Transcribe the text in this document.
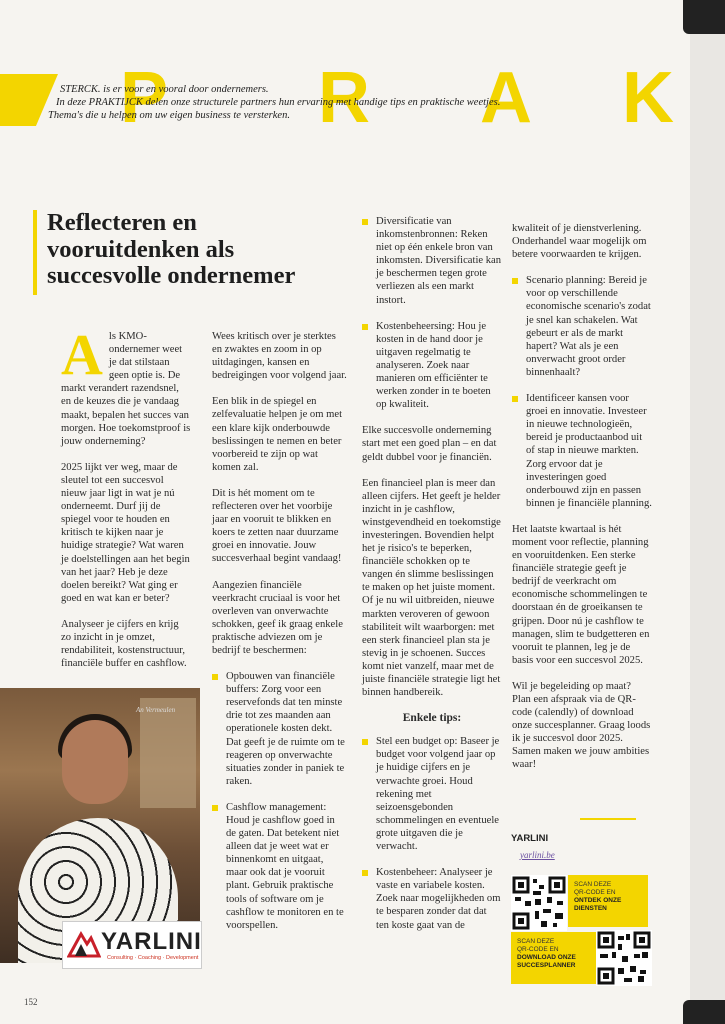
P R A K
STERCK. is er voor en vooral door ondernemers.
In deze PRAKTIJCK delen onze structurele partners hun ervaring met handige tips en praktische weetjes.
Thema's die u helpen om uw eigen business te versterken.
Reflecteren en
vooruitdenken als
succesvolle ondernemer

Als KMO-ondernemer weet je dat stilstaan geen optie is. De markt verandert razendsnel, en de keuzes die je vandaag maakt, bepalen het succes van morgen. Hoe toekomstproof is jouw onderneming?

2025 lijkt ver weg, maar de sleutel tot een succesvol nieuw jaar ligt in wat je nú onderneemt. Durf jij de spiegel voor te houden en kritisch te kijken naar je huidige strategie? Wat waren je doelstellingen aan het begin van het jaar? Heb je deze doelen bereikt? Wat ging er goed en wat kan er beter?

Analyseer je cijfers en krijg zo inzicht in je omzet, rendabiliteit, kostenstructuur, financiële buffer en cashflow.

An Vermeulen
YARLINI
Consulting · Coaching · Development

Wees kritisch over je sterktes en zwaktes en zoom in op uitdagingen, kansen en bedreigingen voor volgend jaar.

Een blik in de spiegel en zelfevaluatie helpen je om met een klare kijk onderbouwde beslissingen te nemen en beter voorbereid te zijn op wat komen zal.

Dit is hét moment om te reflecteren over het voorbije jaar en vooruit te blikken en koers te zetten naar duurzame groei en innovatie. Jouw succesverhaal begint vandaag!

Aangezien financiële veerkracht cruciaal is voor het overleven van onverwachte schokken, geef ik graag enkele praktische adviezen om je bedrijf te beschermen:

Opbouwen van financiële buffers: Zorg voor een reservefonds dat ten minste drie tot zes maanden aan operationele kosten dekt. Dat geeft je de ruimte om te reageren op onverwachte situaties zonder in paniek te raken.
Cashflow management: Houd je cashflow goed in de gaten. Dat betekent niet alleen dat je weet wat er binnenkomt en uitgaat, maar ook dat je vooruit plant. Gebruik praktische tools of software om je cashflow te monitoren en te voorspellen.
Diversificatie van inkomstenbronnen: Reken niet op één enkele bron van inkomsten. Diversificatie kan je beschermen tegen grote verliezen als een markt instort.
Kostenbeheersing: Hou je kosten in de hand door je uitgaven regelmatig te analyseren. Zoek naar manieren om efficiënter te werken zonder in te boeten op kwaliteit.

Elke succesvolle onderneming start met een goed plan – en dat geldt dubbel voor je financiën.

Een financieel plan is meer dan alleen cijfers. Het geeft je helder inzicht in je cashflow, winstgevendheid en toekomstige investeringen. Bovendien helpt het je risico's te beperken, financiële schokken op te vangen én slimme beslissingen te maken op het juiste moment. Of je nu wil uitbreiden, nieuwe markten veroveren of gewoon stabiliteit wilt waarborgen: met een sterk financieel plan sta je stevig in je schoenen. Succes komt niet vanzelf, maar met de juiste financiële strategie ligt het binnen handbereik.

Enkele tips:
Stel een budget op: Baseer je budget voor volgend jaar op je huidige cijfers en je verwachte groei. Houd rekening met seizoensgebonden schommelingen en eventuele grote uitgaven die je verwacht.
Kostenbeheer: Analyseer je vaste en variabele kosten. Zoek naar mogelijkheden om te besparen zonder dat dat ten koste gaat van de

kwaliteit of je dienstverlening. Onderhandel waar mogelijk om betere voorwaarden te krijgen.

Scenario planning: Bereid je voor op verschillende economische scenario's zodat je snel kan schakelen. Wat gebeurt er als de markt hapert? Wat als je een onverwacht groot order binnenhaalt?
Identificeer kansen voor groei en innovatie. Investeer in nieuwe technologieën, bereid je productaanbod uit of stap in nieuwe markten. Zorg ervoor dat je investeringen goed onderbouwd zijn en passen binnen je financiële planning.

Het laatste kwartaal is hét moment voor reflectie, planning en vooruitdenken. Een sterke financiële strategie geeft je bedrijf de veerkracht om economische schommelingen te doorstaan én de groeikansen te grijpen. Door nú je cashflow te managen, slim te budgetteren en vooruit te plannen, leg je de basis voor een succesvol 2025.

Wil je begeleiding op maat? Plan een afspraak via de QR-code (calendly) of download onze succesplanner. Graag loods ik je succesvol door 2025. Samen maken we jouw ambities waar!

YARLINI
yarlini.be
SCAN DEZE
QR-CODE EN
ONTDEK ONZE
DIENSTEN
SCAN DEZE
QR-CODE EN
DOWNLOAD ONZE
SUCCESPLANNER
152
